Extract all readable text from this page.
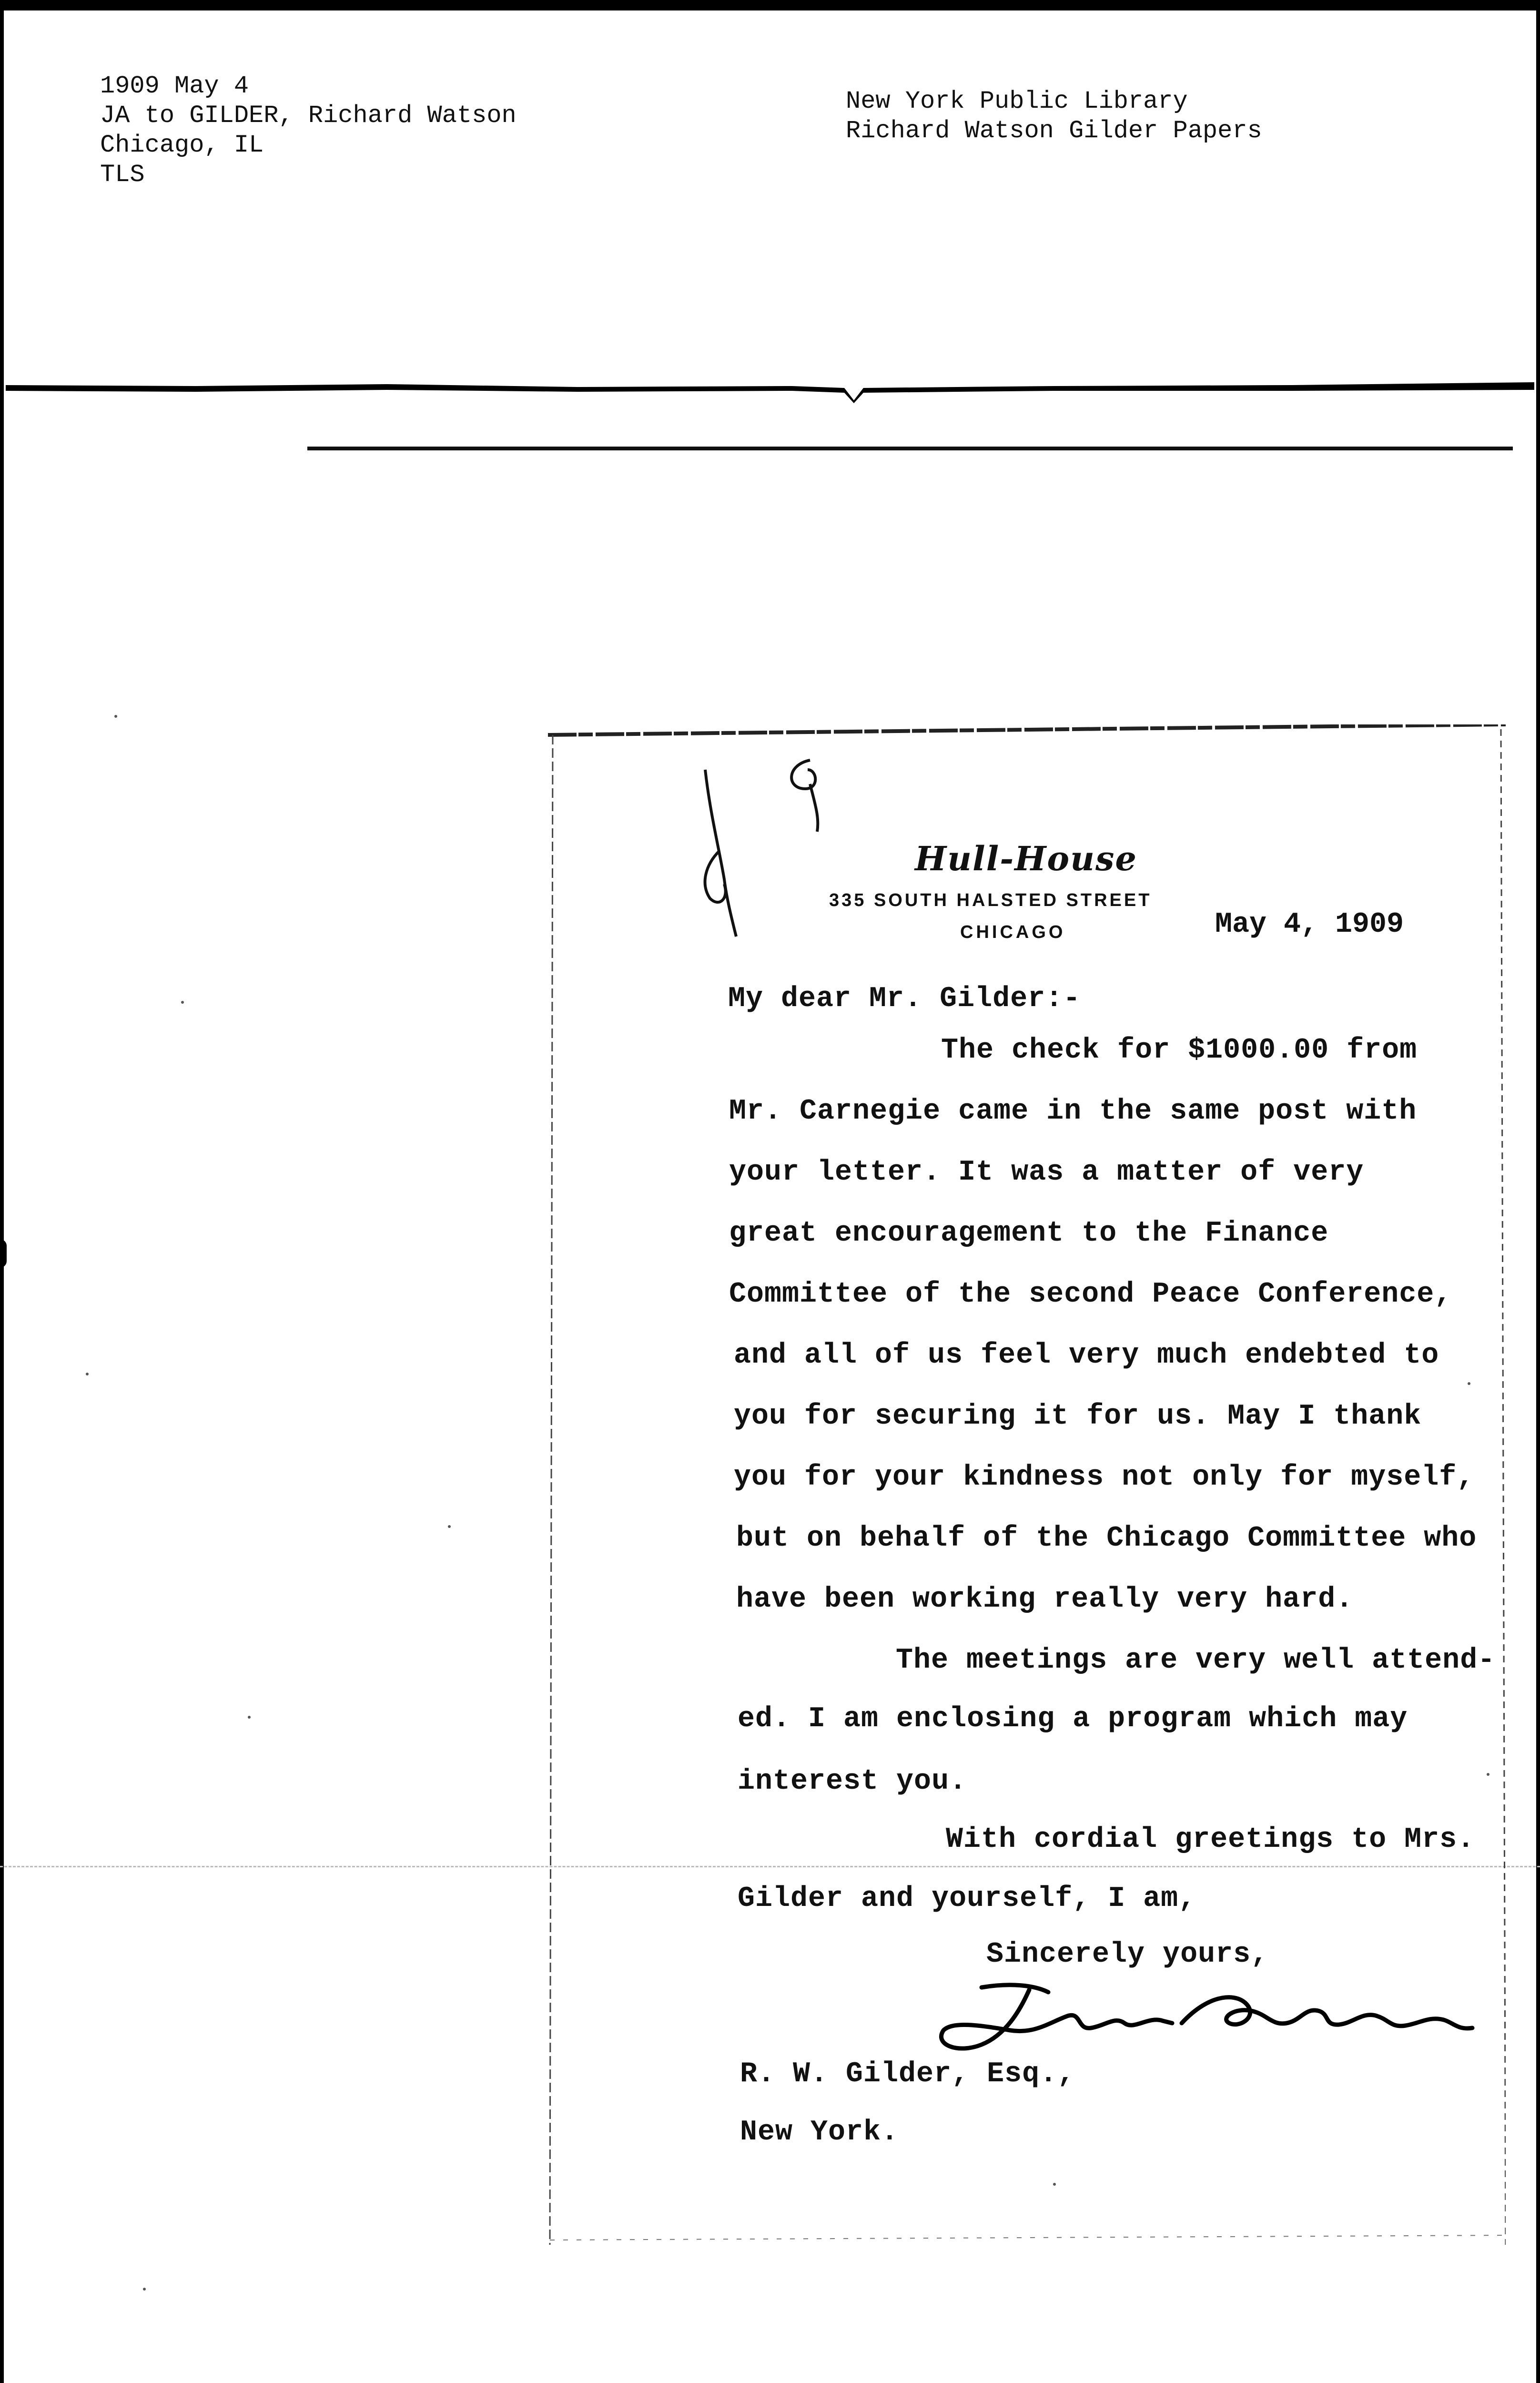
1909 May 4
JA to GILDER, Richard Watson
Chicago, IL
TLS
New York Public Library
Richard Watson Gilder Papers
Hull-House
335 SOUTH HALSTED STREET
CHICAGO	May 4, 1909
My dear Mr. Gilder:-
The check for $1000.00 from
Mr. Carnegie came in the same post with
your letter. It was a matter of very
great encouragement to the Finance
Committee of the second Peace Conference,
and all of us feel very much endebted to
you for securing it for us. May I thank
you for your kindness not only for myself,
but on behalf of the Chicago Committee who
have been working really very hard.
The meetings are very well attend-
ed. I am enclosing a program which may
interest you.
With cordial greetings to Mrs.
Gilder and yourself, I am,
Sincerely yours,
R. W. Gilder, Esq.,
New York.
